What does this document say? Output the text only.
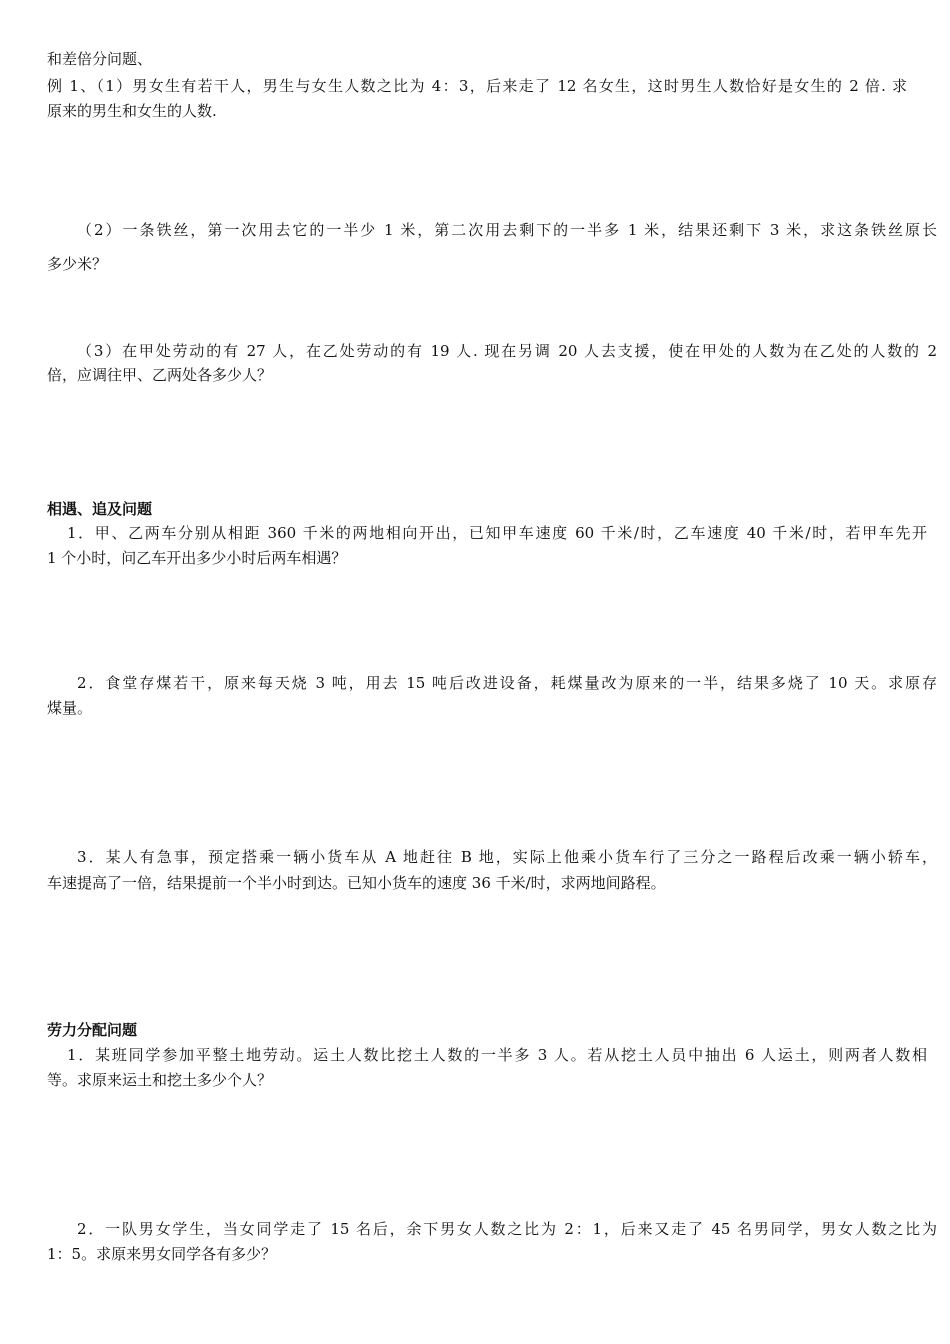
和差倍分问题、
例 1、（1）男女生有若干人，男生与女生人数之比为 4：3，后来走了 12 名女生，这时男生人数恰好是女生的 2 倍. 求
原来的男生和女生的人数.
（2）一条铁丝，第一次用去它的一半少 1 米，第二次用去剩下的一半多 1 米，结果还剩下 3 米，求这条铁丝原长
多少米？
（3）在甲处劳动的有 27 人，在乙处劳动的有 19 人. 现在另调 20 人去支援，使在甲处的人数为在乙处的人数的 2
倍，应调往甲、乙两处各多少人？
相遇、追及问题
1．甲、乙两车分别从相距 360 千米的两地相向开出，已知甲车速度 60 千米/时，乙车速度 40 千米/时，若甲车先开
1 个小时，问乙车开出多少小时后两车相遇？
2．食堂存煤若干，原来每天烧 3 吨，用去 15 吨后改进设备，耗煤量改为原来的一半，结果多烧了 10 天。求原存
煤量。
3．某人有急事，预定搭乘一辆小货车从 A 地赶往 B 地，实际上他乘小货车行了三分之一路程后改乘一辆小轿车，
车速提高了一倍，结果提前一个半小时到达。已知小货车的速度 36 千米/时，求两地间路程。
劳力分配问题
1．某班同学参加平整土地劳动。运土人数比挖土人数的一半多 3 人。若从挖土人员中抽出 6 人运土，则两者人数相
等。求原来运土和挖土多少个人？
2．一队男女学生，当女同学走了 15 名后，余下男女人数之比为 2：1，后来又走了 45 名男同学，男女人数之比为
1：5。求原来男女同学各有多少？
